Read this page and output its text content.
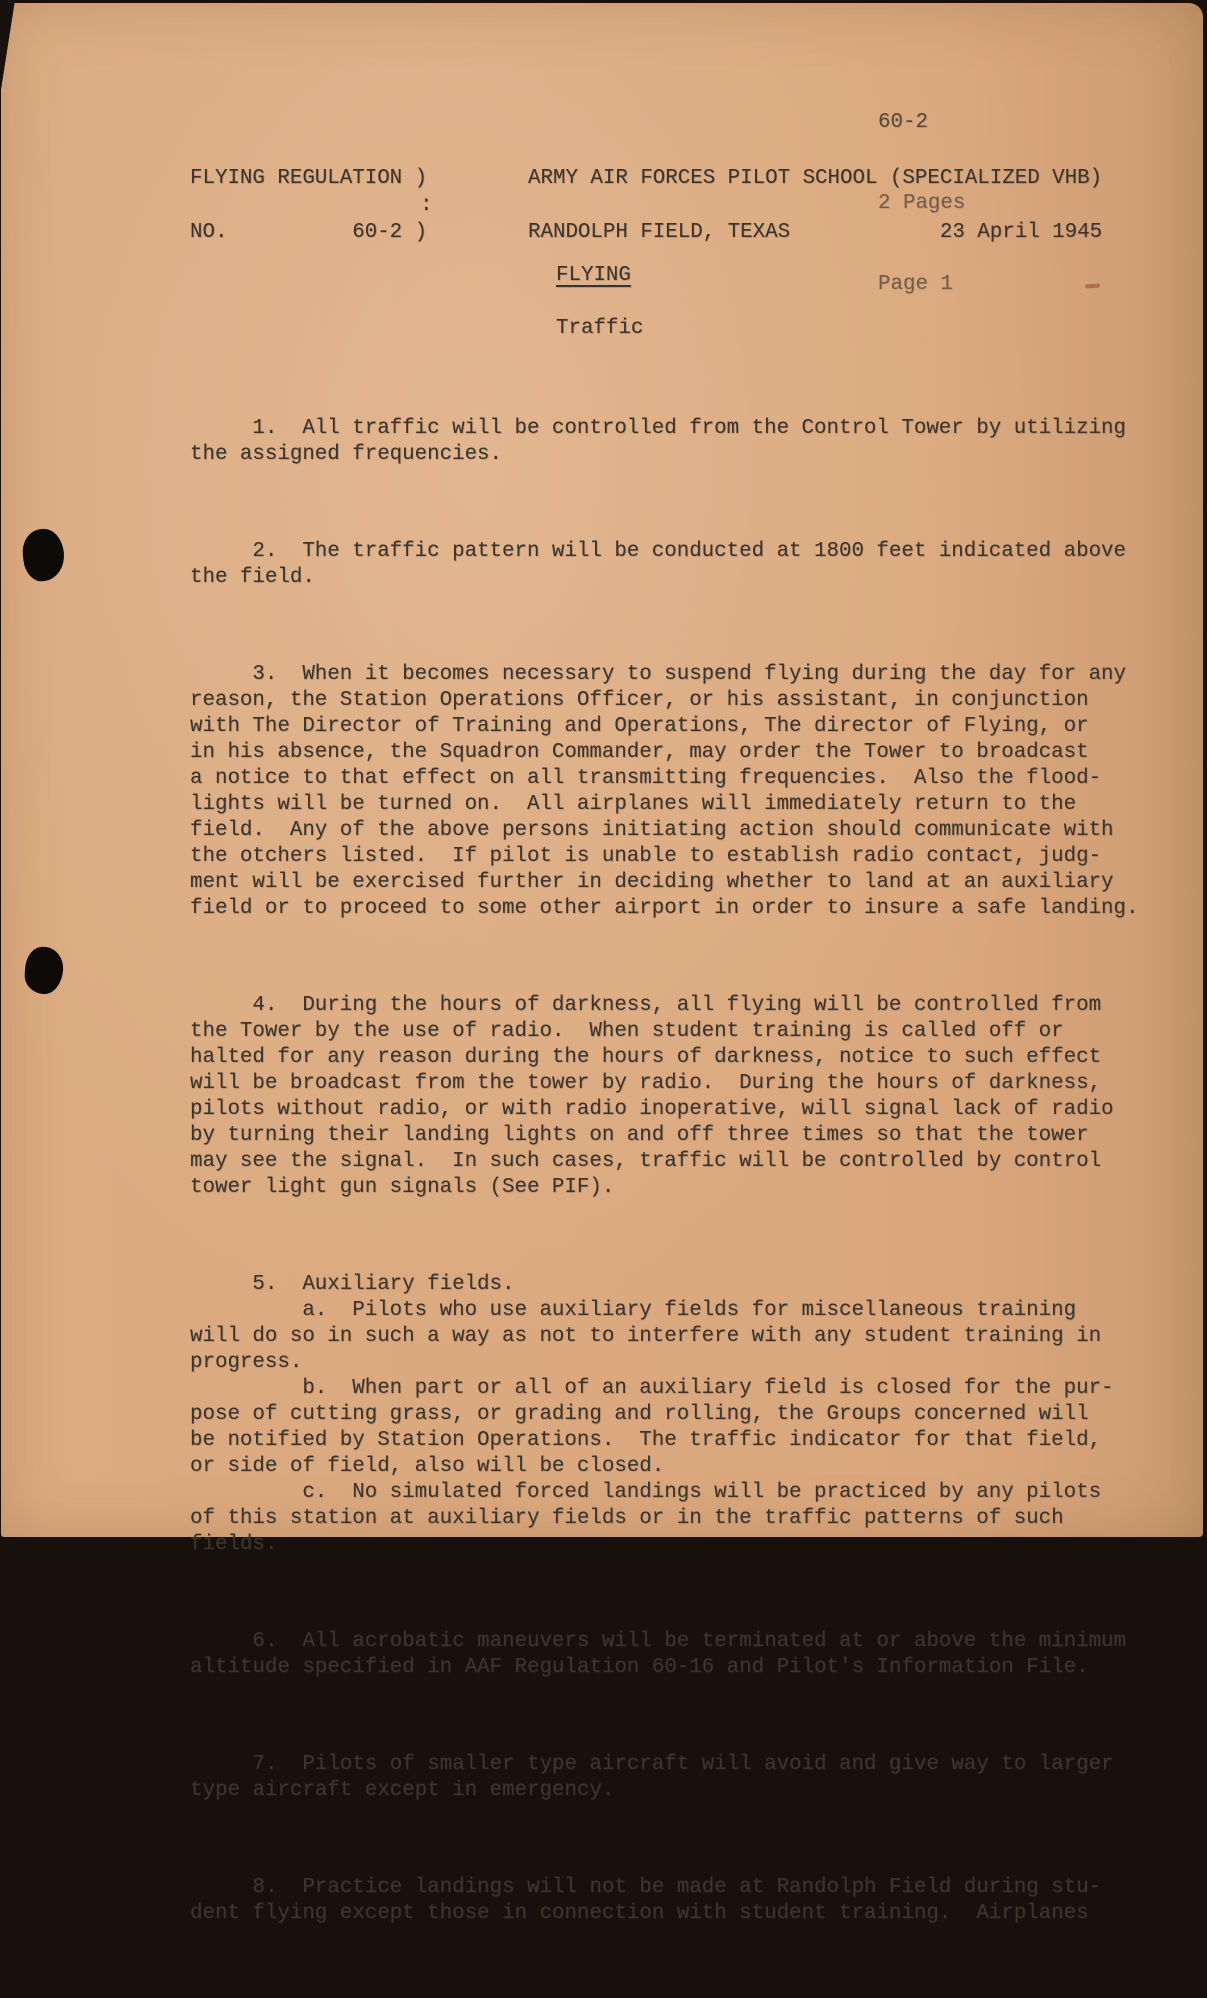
60-2

2 Pages

Page 1

FLYING REGULATION )
:
NO.          60-2 )
ARMY AIR FORCES PILOT SCHOOL (SPECIALIZED VHB)
RANDOLPH FIELD, TEXAS            23 April 1945
FLYING
Traffic

1.  All traffic will be controlled from the Control Tower by utilizing
the assigned frequencies.

2.  The traffic pattern will be conducted at 1800 feet indicated above
the field.

3.  When it becomes necessary to suspend flying during the day for any
reason, the Station Operations Officer, or his assistant, in conjunction
with The Director of Training and Operations, The director of Flying, or
in his absence, the Squadron Commander, may order the Tower to broadcast
a notice to that effect on all transmitting frequencies.  Also the flood-
lights will be turned on.  All airplanes will immediately return to the
field.  Any of the above persons initiating action should communicate with
the otchers listed.  If pilot is unable to establish radio contact, judg-
ment will be exercised further in deciding whether to land at an auxiliary
field or to proceed to some other airport in order to insure a safe landing.

4.  During the hours of darkness, all flying will be controlled from
the Tower by the use of radio.  When student training is called off or
halted for any reason during the hours of darkness, notice to such effect
will be broadcast from the tower by radio.  During the hours of darkness,
pilots without radio, or with radio inoperative, will signal lack of radio
by turning their landing lights on and off three times so that the tower
may see the signal.  In such cases, traffic will be controlled by control
tower light gun signals (See PIF).

5.  Auxiliary fields.
a.  Pilots who use auxiliary fields for miscellaneous training
will do so in such a way as not to interfere with any student training in
progress.
b.  When part or all of an auxiliary field is closed for the pur-
pose of cutting grass, or grading and rolling, the Groups concerned will
be notified by Station Operations.  The traffic indicator for that field,
or side of field, also will be closed.
c.  No simulated forced landings will be practiced by any pilots
of this station at auxiliary fields or in the traffic patterns of such
fields.

6.  All acrobatic maneuvers will be terminated at or above the minimum
altitude specified in AAF Regulation 60-16 and Pilot's Information File.

7.  Pilots of smaller type aircraft will avoid and give way to larger
type aircraft except in emergency.

8.  Practice landings will not be made at Randolph Field during stu-
dent flying except those in connection with student training.  Airplanes
